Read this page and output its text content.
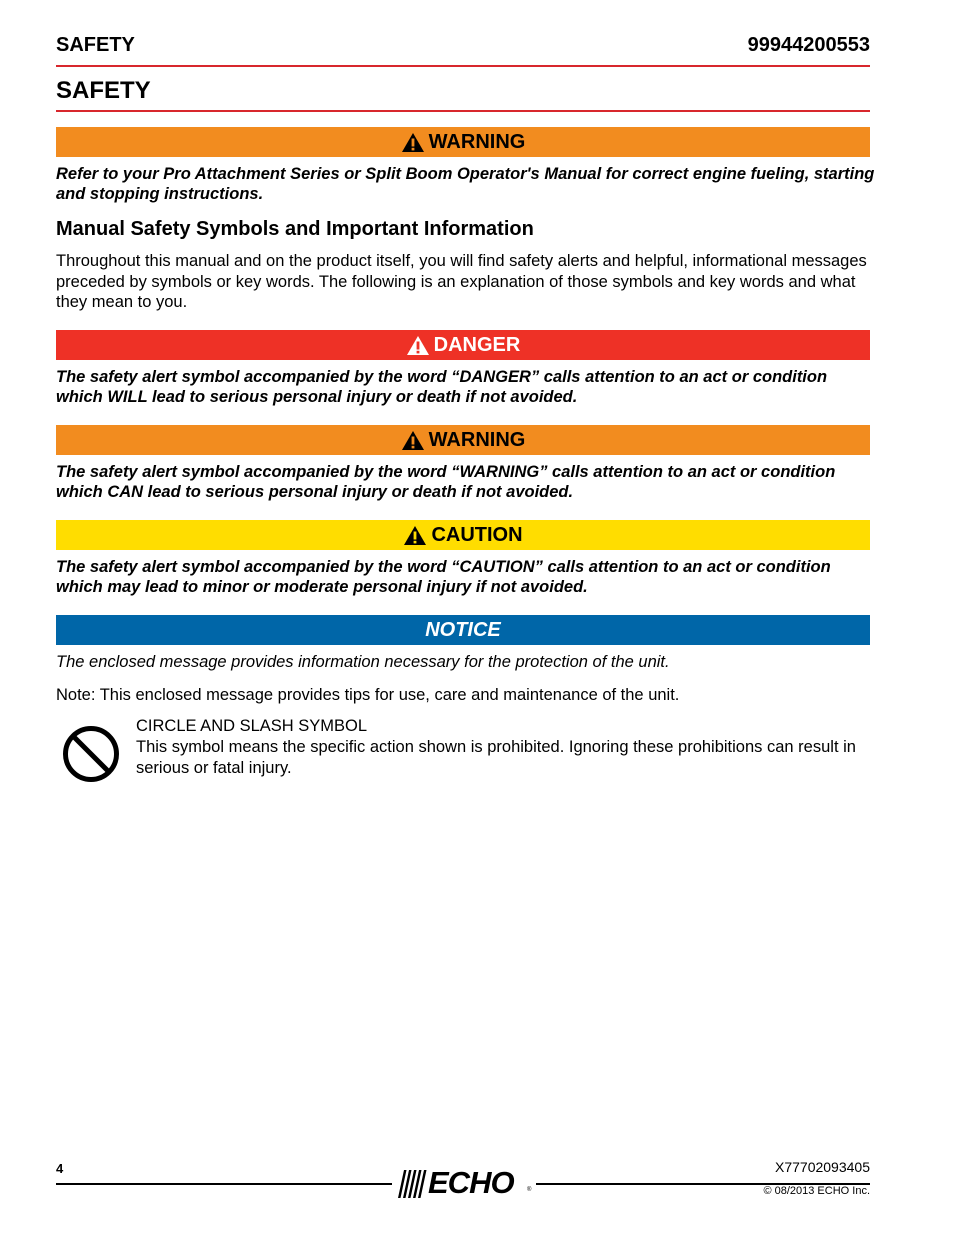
SAFETY	99944200553
SAFETY
WARNING
Refer to your Pro Attachment Series or Split Boom Operator's Manual for correct engine fueling, starting and stopping instructions.
Manual Safety Symbols and Important Information
Throughout this manual and on the product itself, you will find safety alerts and helpful, informational messages preceded by symbols or key words. The following is an explanation of those symbols and key words and what they mean to you.
DANGER
The safety alert symbol accompanied by the word “DANGER” calls attention to an act or condition which WILL lead to serious personal injury or death if not avoided.
WARNING
The safety alert symbol accompanied by the word “WARNING” calls attention to an act or condition which CAN lead to serious personal injury or death if not avoided.
CAUTION
The safety alert symbol accompanied by the word “CAUTION” calls attention to an act or condition which may lead to minor or moderate personal injury if not avoided.
NOTICE
The enclosed message provides information necessary for the protection of the unit.
Note: This enclosed message provides tips for use, care and maintenance of the unit.
CIRCLE AND SLASH SYMBOL
This symbol means the specific action shown is prohibited. Ignoring these prohibitions can result in serious or fatal injury.
4	ECHO ®
X77702093405
© 08/2013 ECHO Inc.
